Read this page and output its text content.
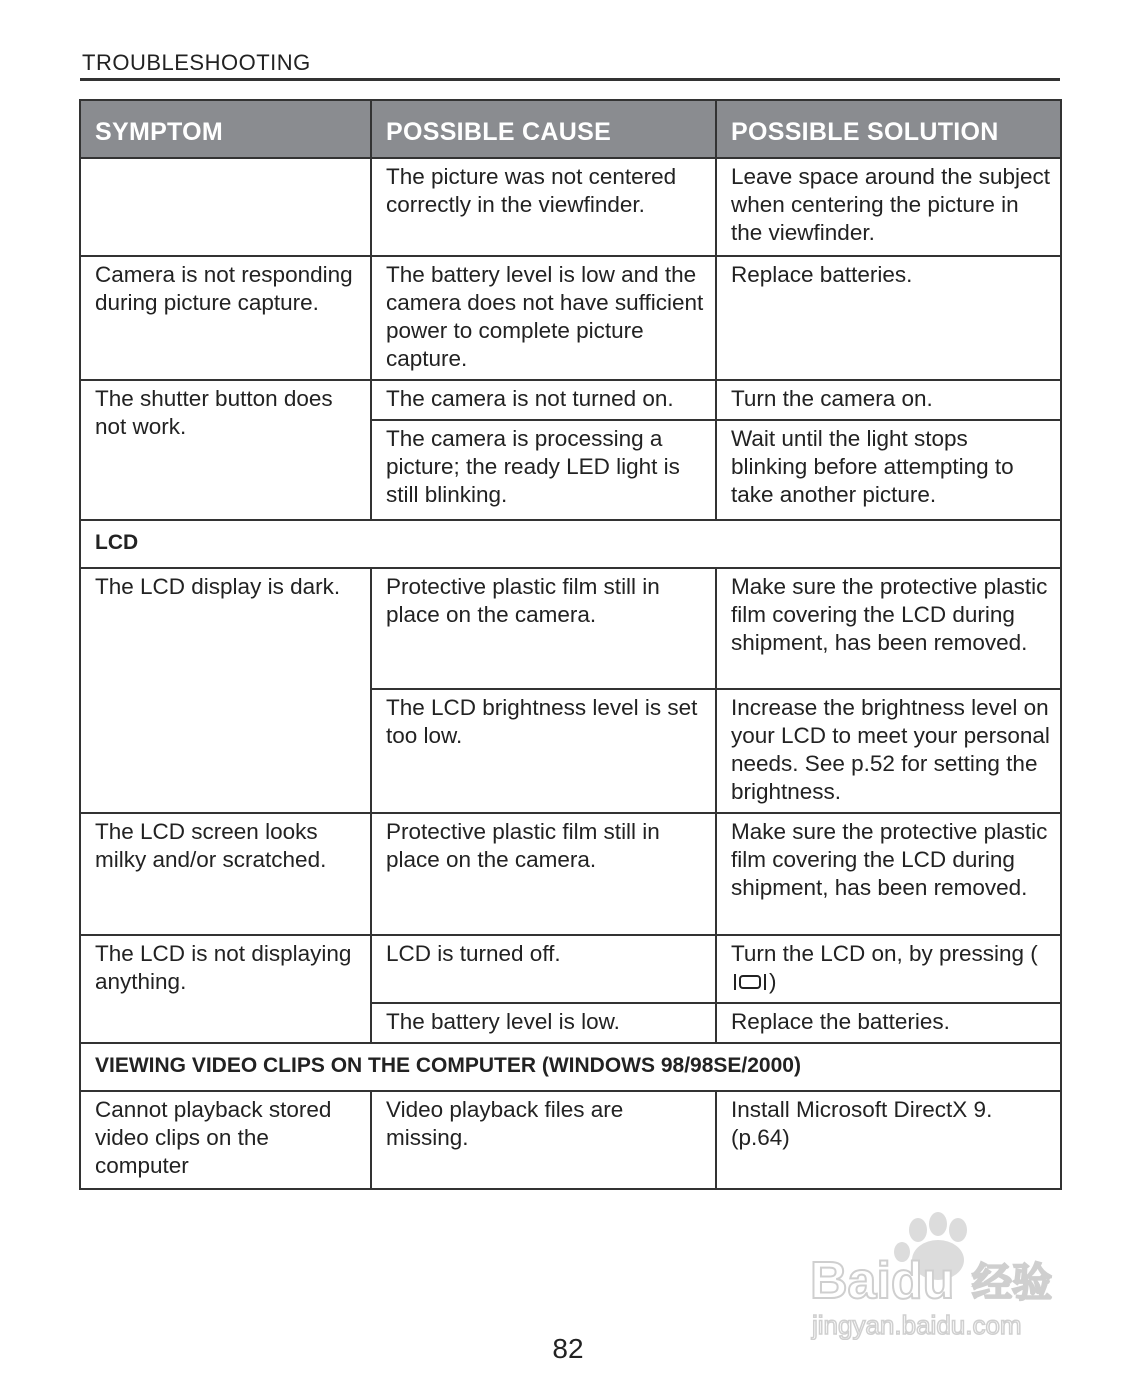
TROUBLESHOOTING
SYMPTOM	POSSIBLE CAUSE	POSSIBLE SOLUTION
	The picture was not centered correctly in the viewfinder.	Leave space around the subject when centering the picture in the viewfinder.
Camera is not responding during picture capture.	The battery level is low and the camera does not have sufficient power to complete picture capture.	Replace batteries.
The shutter button does not work.	The camera is not turned on.	Turn the camera on.
	The camera is processing a picture; the ready LED light is still blinking.	Wait until the light stops blinking before attempting to take another picture.
LCD		
The LCD display is dark.	Protective plastic film still in place on the camera.	Make sure the protective plastic film covering the LCD during shipment, has been removed.
	The LCD brightness level is set too low.	Increase the brightness level on your LCD to meet your personal needs. See p.52 for setting the brightness.
The LCD screen looks milky and/or scratched.	Protective plastic film still in place on the camera.	Make sure the protective plastic film covering the LCD during shipment, has been removed.
The LCD is not displaying anything.	LCD is turned off.	Turn the LCD on, by pressing ()
	The battery level is low.	Replace the batteries.
VIEWING VIDEO CLIPS ON THE COMPUTER (WINDOWS 98/98SE/2000)		
Cannot playback stored video clips on the computer	Video playback files are missing.	Install Microsoft DirectX 9. (p.64)
Baidu 经验
jingyan.baidu.com
82
